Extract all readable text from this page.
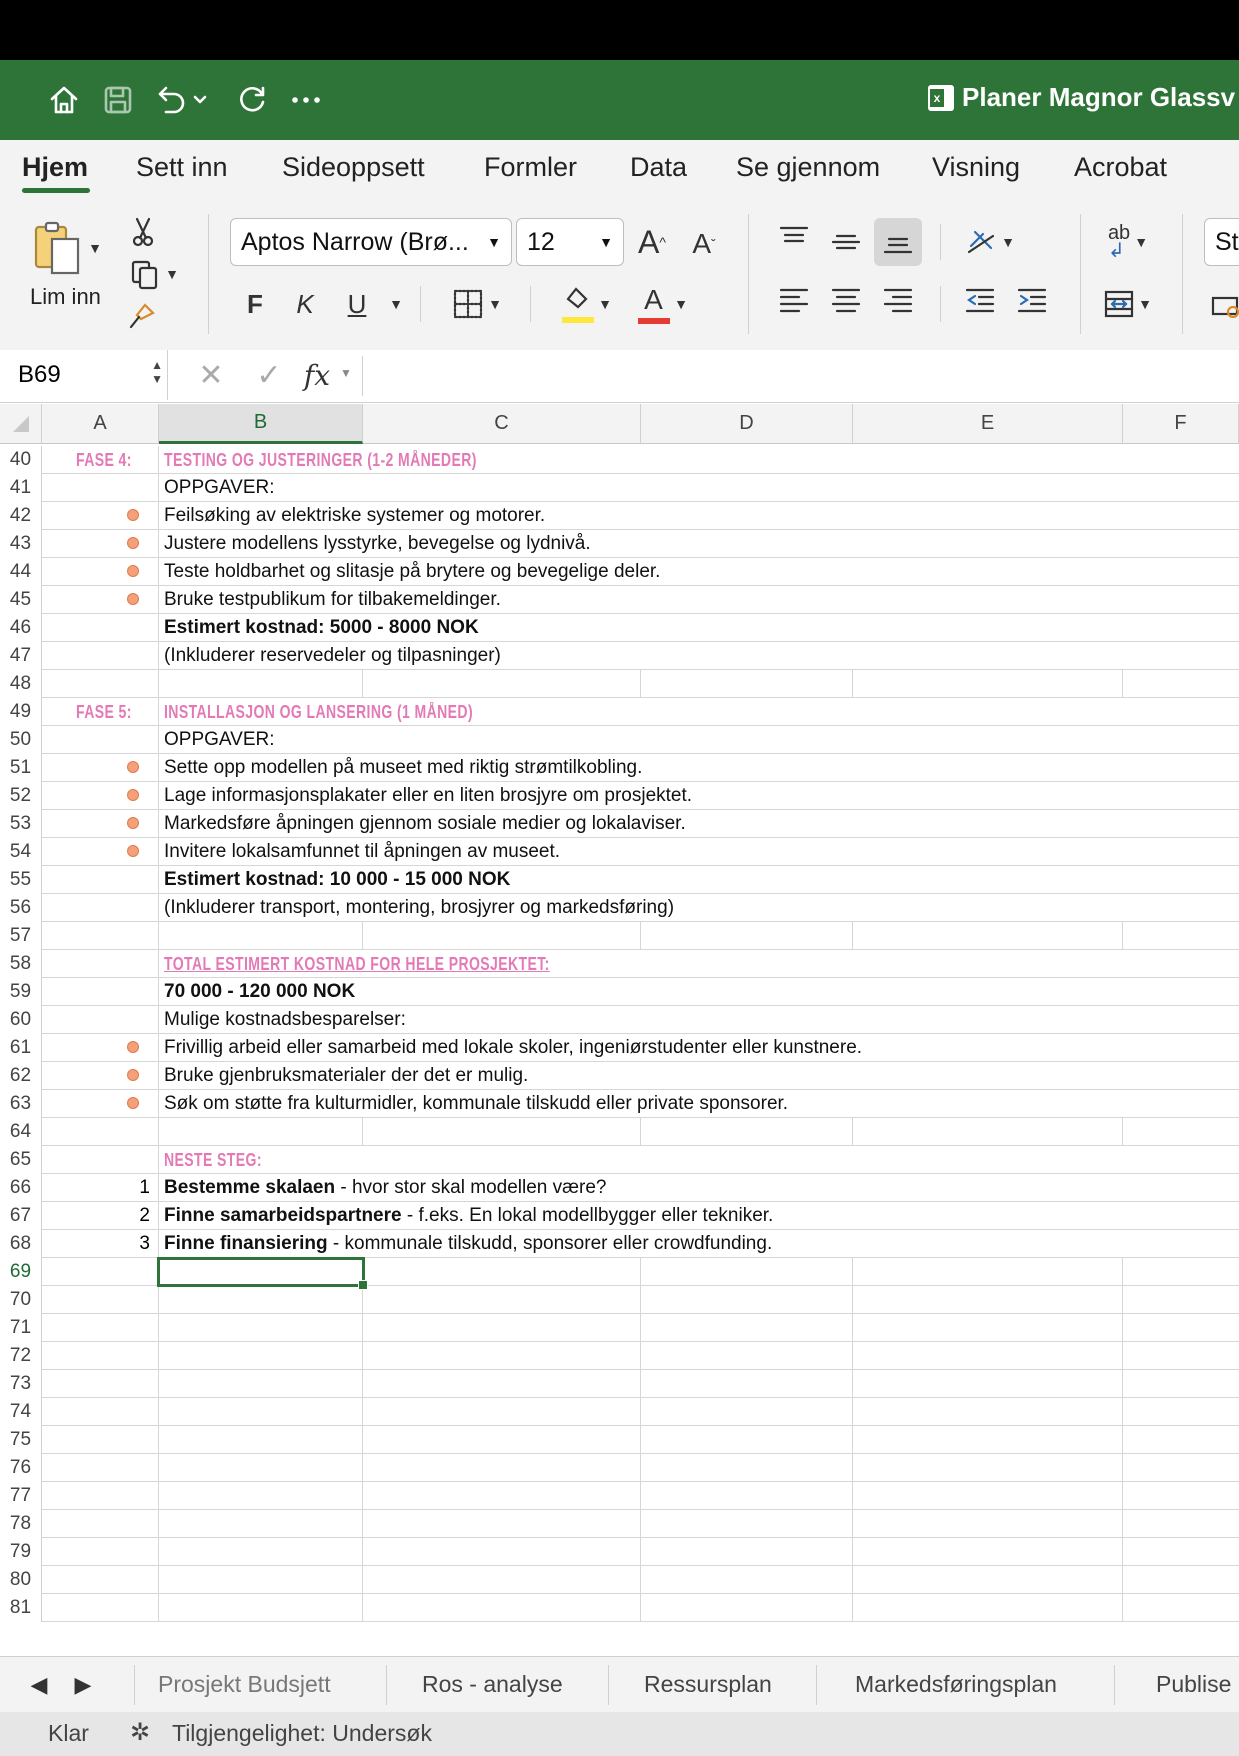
x Planer Magnor Glassv
Hjem Sett inn Sideoppsett Formler Data Se gjennom Visning Acrobat
▼
Lim inn
▼
Aptos Narrow (Brø... ▼ 12	▼ A ^ A ˇ
F K U	▼	▼	▼ A ▼
▼	ab
↲ ▼
▼
St
B69	▲
▼ ✕ ✓ fx ▼
A	B	C	D	E	F
40	FASE 4: TESTING OG JUSTERINGER (1-2 MÅNEDER)
41	OPPGAVER:
42	Feilsøking av elektriske systemer og motorer.
43	Justere modellens lysstyrke, bevegelse og lydnivå.
44	Teste holdbarhet og slitasje på brytere og bevegelige deler.
45	Bruke testpublikum for tilbakemeldinger.
46	Estimert kostnad: 5000 - 8000 NOK
47	(Inkluderer reservedeler og tilpasninger)
48
49	FASE 5: INSTALLASJON OG LANSERING (1 MÅNED)
50	OPPGAVER:
51	Sette opp modellen på museet med riktig strømtilkobling.
52	Lage informasjonsplakater eller en liten brosjyre om prosjektet.
53	Markedsføre åpningen gjennom sosiale medier og lokalaviser.
54	Invitere lokalsamfunnet til åpningen av museet.
55	Estimert kostnad: 10 000 - 15 000 NOK
56	(Inkluderer transport, montering, brosjyrer og markedsføring)
57
58	TOTAL ESTIMERT KOSTNAD FOR HELE PROSJEKTET:
59	70 000 - 120 000 NOK
60	Mulige kostnadsbesparelser:
61	Frivillig arbeid eller samarbeid med lokale skoler, ingeniørstudenter eller kunstnere.
62	Bruke gjenbruksmaterialer der det er mulig.
63	Søk om støtte fra kulturmidler, kommunale tilskudd eller private sponsorer.
64
65	NESTE STEG:
66	1 Bestemme skalaen - hvor stor skal modellen være?
67	2 Finne samarbeidspartnere - f.eks. En lokal modellbygger eller tekniker.
68	3 Finne finansiering - kommunale tilskudd, sponsorer eller crowdfunding.
69
70
71
72
73
74
75
76
77
78
79
80
81
◀ ▶	Prosjekt Budsjett	Ros - analyse	Ressursplan	Markedsføringsplan	Publise
Klar ✲ Tilgjengelighet: Undersøk
